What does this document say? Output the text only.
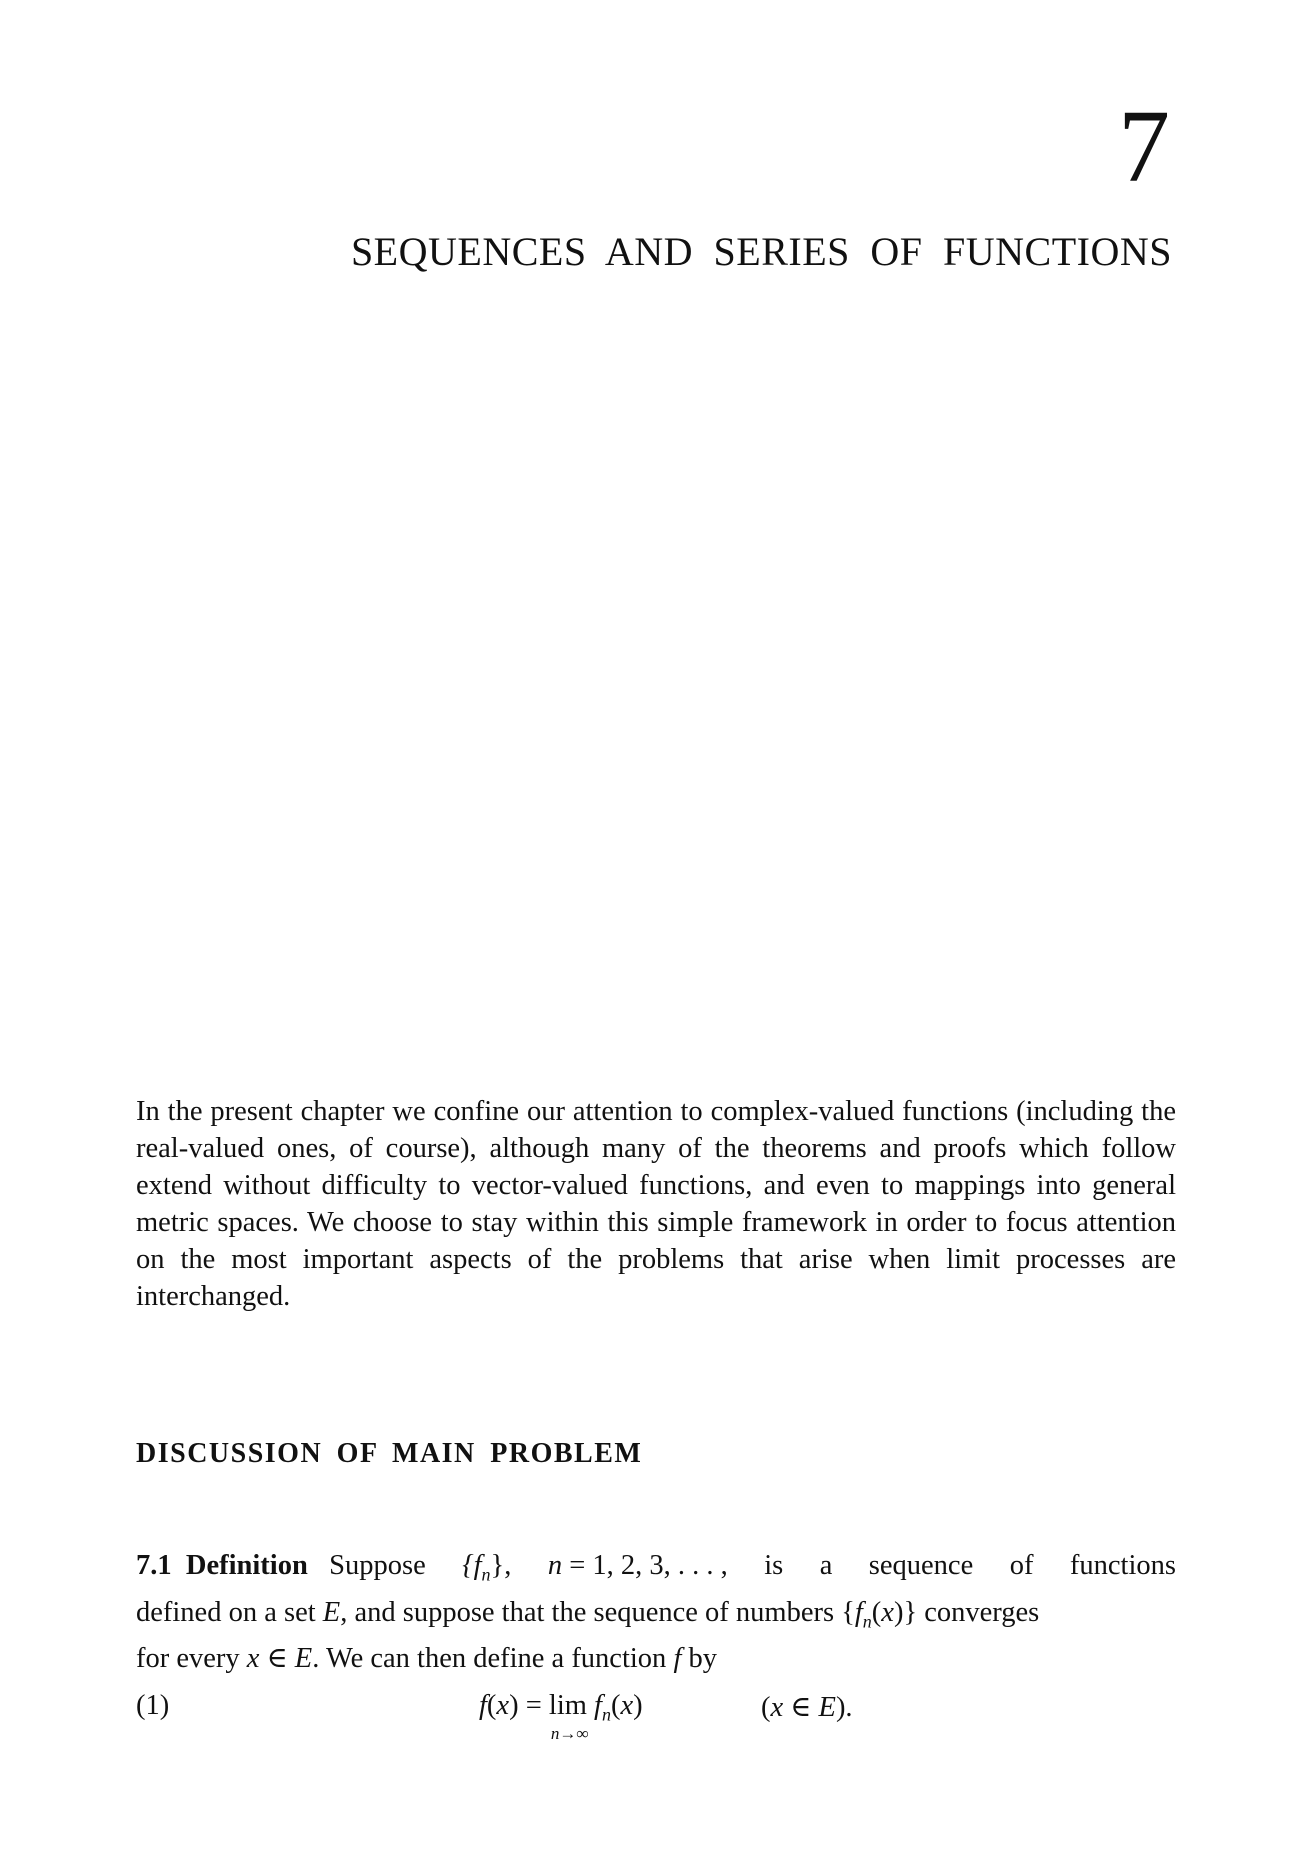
7
SEQUENCES AND SERIES OF FUNCTIONS

In the present chapter we confine our attention to complex-valued functions (including the real-valued ones, of course), although many of the theorems and proofs which follow extend without difficulty to vector-valued functions, and even to mappings into general metric spaces. We choose to stay within this simple framework in order to focus attention on the most important aspects of the problems that arise when limit processes are interchanged.

DISCUSSION OF MAIN PROBLEM
7.1 Definition Suppose $\{f_n\}$, n = 1, 2, 3, . . . , is a sequence of functions
defined on a set E, and suppose that the sequence of numbers $\{f_n(x)\}$ converges
for every x ∈ E. We can then define a function f by
(1)	f(x) = lim
n→∞
$f_n(x)$	(x ∈ E).
